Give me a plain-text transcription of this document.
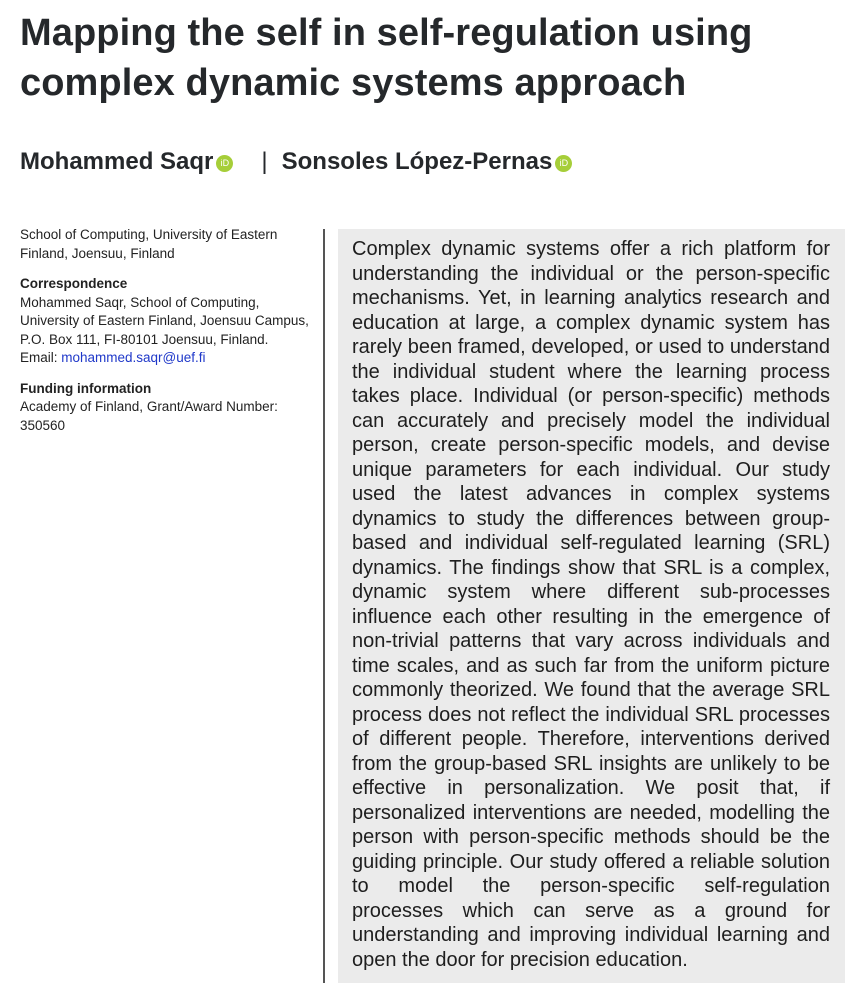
Mapping the self in self-regulation using complex dynamic systems approach
Mohammed Saqr iD | Sonsoles López-Pernas iD

School of Computing, University of Eastern Finland, Joensuu, Finland

Correspondence
Mohammed Saqr, School of Computing, University of Eastern Finland, Joensuu Campus, P.O. Box 111, FI-80101 Joensuu, Finland.
Email: mohammed.saqr@uef.fi

Funding information
Academy of Finland, Grant/Award Number: 350560

Complex dynamic systems offer a rich platform for understanding the individual or the person-specific mechanisms. Yet, in learning analytics research and education at large, a complex dynamic system has rarely been framed, developed, or used to understand the individual student where the learning process takes place. Individual (or person-specific) methods can accurately and precisely model the individual person, create person-specific models, and devise unique parameters for each individual. Our study used the latest advances in complex systems dynamics to study the differences between group-based and individual self-regulated learning (SRL) dynamics. The findings show that SRL is a complex, dynamic system where different sub-processes influence each other resulting in the emergence of non-trivial patterns that vary across individuals and time scales, and as such far from the uniform picture commonly theorized. We found that the average SRL process does not reflect the individual SRL processes of different people. Therefore, interventions derived from the group-based SRL insights are unlikely to be effective in personalization. We posit that, if personalized interventions are needed, modelling the person with person-specific methods should be the guiding principle. Our study offered a reliable solution to model the person-specific self-regulation processes which can serve as a ground for understanding and improving individual learning and open the door for precision education.
